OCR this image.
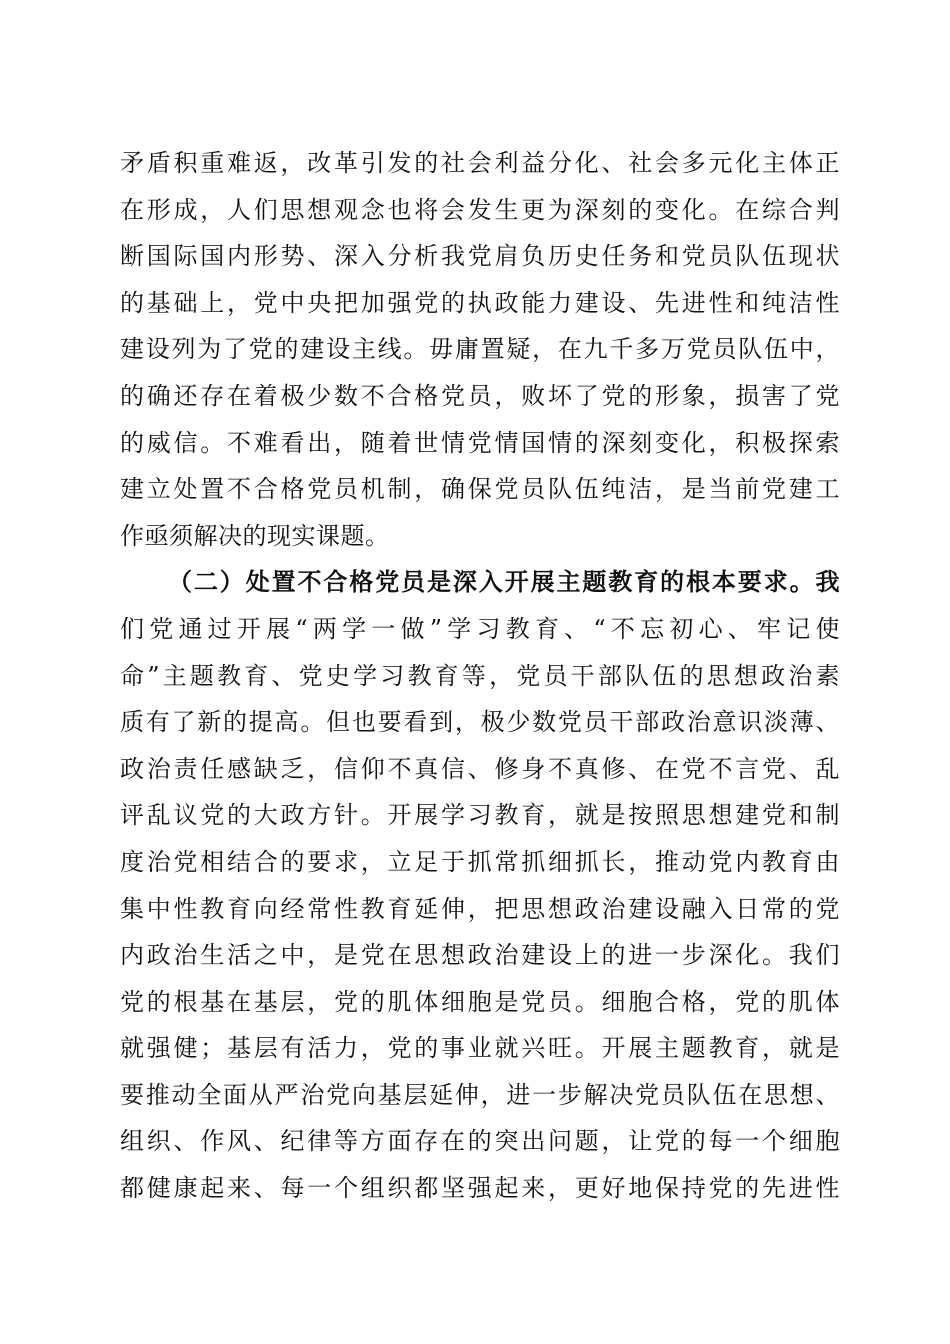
矛盾积重难返，改革引发的社会利益分化、社会多元化主体正
在形成，人们思想观念也将会发生更为深刻的变化。在综合判
断国际国内形势、深入分析我党肩负历史任务和党员队伍现状
的基础上，党中央把加强党的执政能力建设、先进性和纯洁性
建设列为了党的建设主线。毋庸置疑，在九千多万党员队伍中，
的确还存在着极少数不合格党员，败坏了党的形象，损害了党
的威信。不难看出，随着世情党情国情的深刻变化，积极探索
建立处置不合格党员机制，确保党员队伍纯洁，是当前党建工
作亟须解决的现实课题。
（二）处置不合格党员是深入开展主题教育的根本要求。我
们党通过开展“两学一做”学习教育、“不忘初心、牢记使
命”主题教育、党史学习教育等，党员干部队伍的思想政治素
质有了新的提高。但也要看到，极少数党员干部政治意识淡薄、
政治责任感缺乏，信仰不真信、修身不真修、在党不言党、乱
评乱议党的大政方针。开展学习教育，就是按照思想建党和制
度治党相结合的要求，立足于抓常抓细抓长，推动党内教育由
集中性教育向经常性教育延伸，把思想政治建设融入日常的党
内政治生活之中，是党在思想政治建设上的进一步深化。我们
党的根基在基层，党的肌体细胞是党员。细胞合格，党的肌体
就强健；基层有活力，党的事业就兴旺。开展主题教育，就是
要推动全面从严治党向基层延伸，进一步解决党员队伍在思想、
组织、作风、纪律等方面存在的突出问题，让党的每一个细胞
都健康起来、每一个组织都坚强起来，更好地保持党的先进性
